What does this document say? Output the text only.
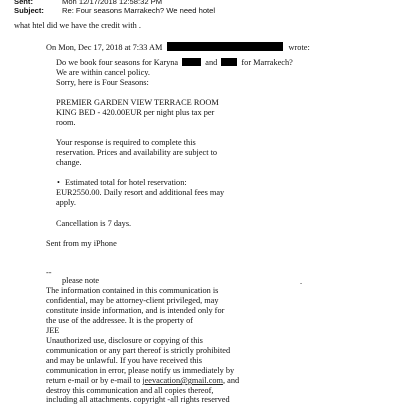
Sent:	Mon 12/17/2018 12:58:32 PM
Subject: Re: Four seasons Marrakech? We need hotel
what htel did we have the credit with .
On Mon, Dec 17, 2018 at 7:33 AM	wrote:
Do we book four seasons for Karyna	and	for Marrakech?
We are within cancel policy.
Sorry, here is Four Seasons:
PREMIER GARDEN VIEW TERRACE ROOM
KING BED - 420.00EUR per night plus tax per
room.
Your response is required to complete this
reservation. Prices and availability are subject to
change.
• Estimated total for hotel reservation:
EUR2550.00. Daily resort and additional fees may
apply.
Cancellation is 7 days.
Sent from my iPhone
--
please note	.
The information contained in this communication is
confidential, may be attorney-client privileged, may
constitute inside information, and is intended only for
the use of the addressee. It is the property of
JEE
Unauthorized use, disclosure or copying of this
communication or any part thereof is strictly prohibited
and may be unlawful. If you have received this
communication in error, please notify us immediately by
return e-mail or by e-mail to jeevacation@gmail.com, and
destroy this communication and all copies thereof,
including all attachments. copyright -all rights reserved
